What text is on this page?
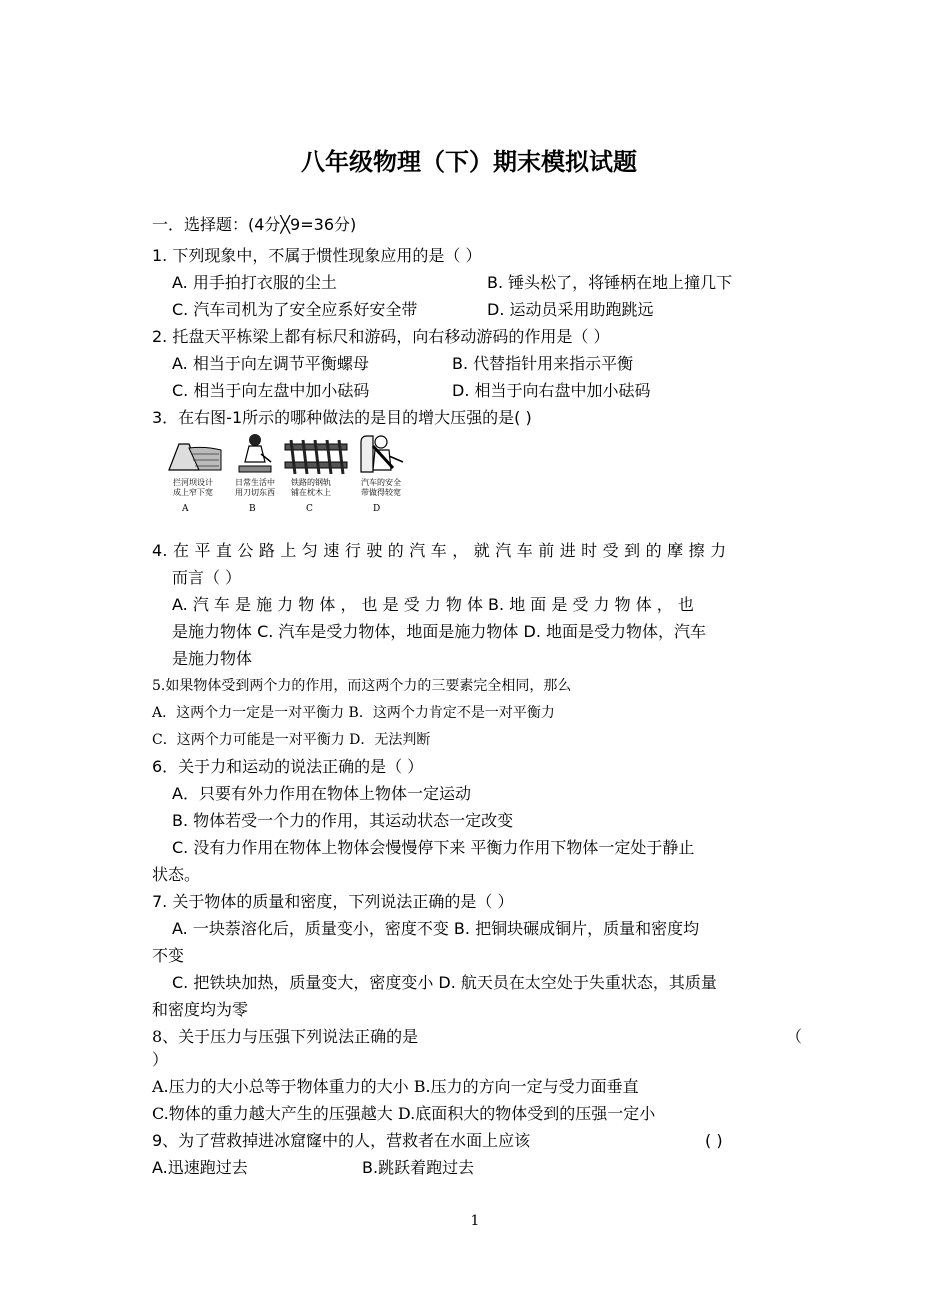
八年级物理（下）期末模拟试题
一．选择题：(4分╳9=36分)
1. 下列现象中，不属于惯性现象应用的是（ ）
A. 用手拍打衣服的尘土	B. 锤头松了，将锤柄在地上撞几下
C. 汽车司机为了安全应系好安全带	D. 运动员采用助跑跳远
2. 托盘天平栋梁上都有标尺和游码，向右移动游码的作用是（ ）
A. 相当于向左调节平衡螺母	B. 代替指针用来指示平衡
C. 相当于向左盘中加小砝码	D. 相当于向右盘中加小砝码
3．在右图-1所示的哪种做法的是目的增大压强的是( )
拦河坝设计成上窄下宽
A
日常生活中用刀切东西
B
铁路的钢轨铺在枕木上
C
汽车的安全带做得较宽
D
4. 在 平 直 公 路 上 匀 速 行 驶 的 汽 车 ， 就 汽 车 前 进 时 受 到 的 摩 擦 力
而言（ ）
A. 汽 车 是 施 力 物 体 ， 也 是 受 力 物 体 B. 地 面 是 受 力 物 体 ， 也
是施力物体 C. 汽车是受力物体，地面是施力物体 D. 地面是受力物体，汽车
是施力物体
5.如果物体受到两个力的作用，而这两个力的三要素完全相同，那么
A．这两个力一定是一对平衡力 B．这两个力肯定不是一对平衡力
C．这两个力可能是一对平衡力 D．无法判断
6．关于力和运动的说法正确的是（ ）
A．只要有外力作用在物体上物体一定运动
B. 物体若受一个力的作用，其运动状态一定改变
C. 没有力作用在物体上物体会慢慢停下来 平衡力作用下物体一定处于静止
状态。
7. 关于物体的质量和密度，下列说法正确的是（ ）
A. 一块萘溶化后，质量变小，密度不变 B. 把铜块碾成铜片，质量和密度均
不变
C. 把铁块加热，质量变大，密度变小 D. 航天员在太空处于失重状态，其质量
和密度均为零
8、关于压力与压强下列说法正确的是	（
）
A.压力的大小总等于物体重力的大小 B.压力的方向一定与受力面垂直
C.物体的重力越大产生的压强越大 D.底面积大的物体受到的压强一定小
9、为了营救掉进冰窟窿中的人，营救者在水面上应该	( )
A.迅速跑过去	B.跳跃着跑过去
1
